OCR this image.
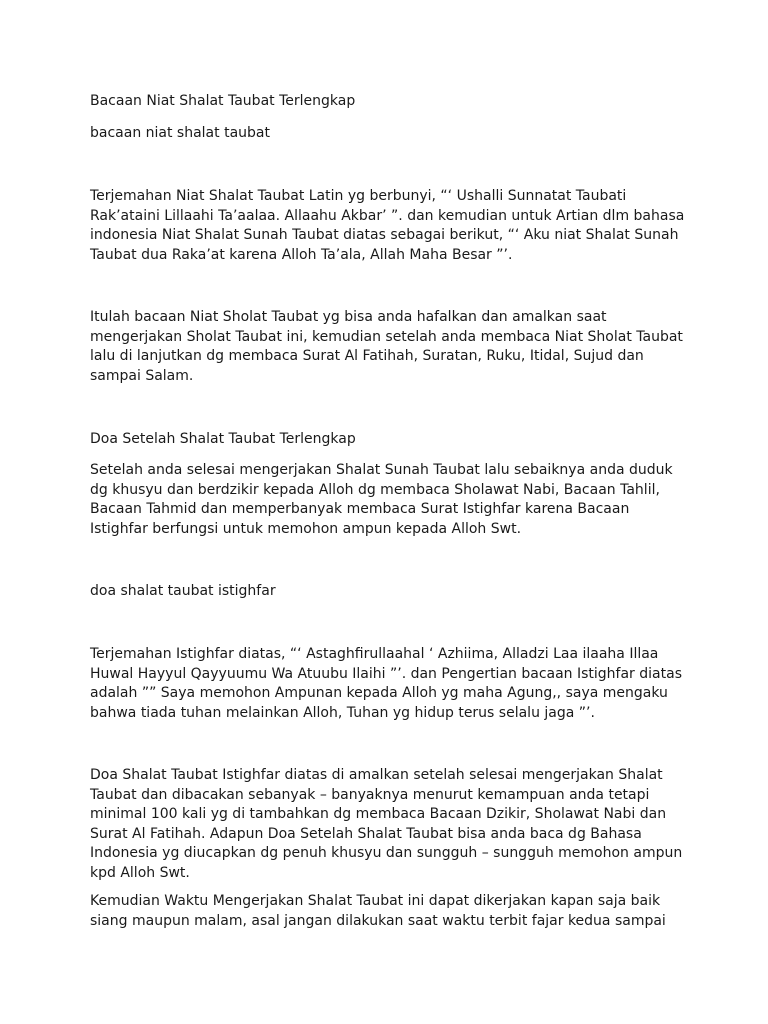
Bacaan Niat Shalat Taubat Terlengkap

bacaan niat shalat taubat

Terjemahan Niat Shalat Taubat Latin yg berbunyi, “‘ Ushalli Sunnatat Taubati
Rak’ataini Lillaahi Ta’aalaa. Allaahu Akbar’ ”. dan kemudian untuk Artian dlm bahasa
indonesia Niat Shalat Sunah Taubat diatas sebagai berikut, “‘ Aku niat Shalat Sunah
Taubat dua Raka’at karena Alloh Ta’ala, Allah Maha Besar ”’.

Itulah bacaan Niat Sholat Taubat yg bisa anda hafalkan dan amalkan saat
mengerjakan Sholat Taubat ini, kemudian setelah anda membaca Niat Sholat Taubat
lalu di lanjutkan dg membaca Surat Al Fatihah, Suratan, Ruku, Itidal, Sujud dan
sampai Salam.

Doa Setelah Shalat Taubat Terlengkap

Setelah anda selesai mengerjakan Shalat Sunah Taubat lalu sebaiknya anda duduk
dg khusyu dan berdzikir kepada Alloh dg membaca Sholawat Nabi, Bacaan Tahlil,
Bacaan Tahmid dan memperbanyak membaca Surat Istighfar karena Bacaan
Istighfar berfungsi untuk memohon ampun kepada Alloh Swt.

doa shalat taubat istighfar

Terjemahan Istighfar diatas, “‘ Astaghfirullaahal ‘ Azhiima, Alladzi Laa ilaaha Illaa
Huwal Hayyul Qayyuumu Wa Atuubu Ilaihi ”’. dan Pengertian bacaan Istighfar diatas
adalah ”” Saya memohon Ampunan kepada Alloh yg maha Agung,, saya mengaku
bahwa tiada tuhan melainkan Alloh, Tuhan yg hidup terus selalu jaga ”’.

Doa Shalat Taubat Istighfar diatas di amalkan setelah selesai mengerjakan Shalat
Taubat dan dibacakan sebanyak – banyaknya menurut kemampuan anda tetapi
minimal 100 kali yg di tambahkan dg membaca Bacaan Dzikir, Sholawat Nabi dan
Surat Al Fatihah. Adapun Doa Setelah Shalat Taubat bisa anda baca dg Bahasa
Indonesia yg diucapkan dg penuh khusyu dan sungguh – sungguh memohon ampun
kpd Alloh Swt.

Kemudian Waktu Mengerjakan Shalat Taubat ini dapat dikerjakan kapan saja baik
siang maupun malam, asal jangan dilakukan saat waktu terbit fajar kedua sampai
